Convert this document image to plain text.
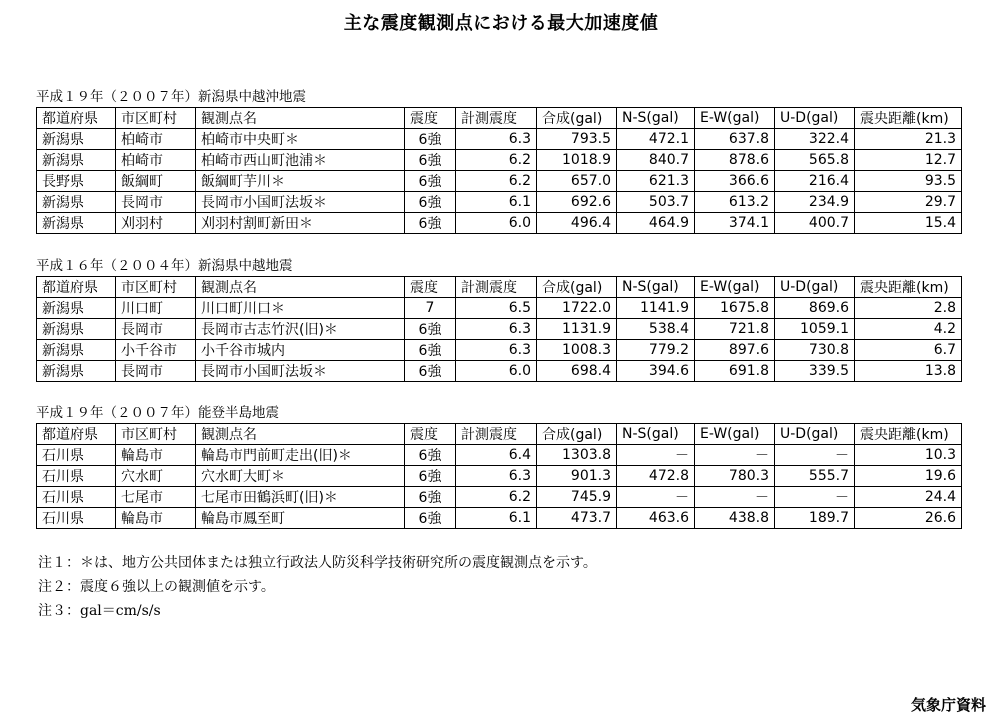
主な震度観測点における最大加速度値
平成１９年（２００７年）新潟県中越沖地震
都道府県	市区町村	観測点名	震度	計測震度	合成(gal)	N-S(gal)	E-W(gal)	U-D(gal)	震央距離(km)
新潟県	柏崎市	柏崎市中央町＊	6強	6.3	793.5	472.1	637.8	322.4	21.3
新潟県	柏崎市	柏崎市西山町池浦＊	6強	6.2	1018.9	840.7	878.6	565.8	12.7
長野県	飯綱町	飯綱町芋川＊	6強	6.2	657.0	621.3	366.6	216.4	93.5
新潟県	長岡市	長岡市小国町法坂＊	6強	6.1	692.6	503.7	613.2	234.9	29.7
新潟県	刈羽村	刈羽村割町新田＊	6強	6.0	496.4	464.9	374.1	400.7	15.4
平成１６年（２００４年）新潟県中越地震
都道府県	市区町村	観測点名	震度	計測震度	合成(gal)	N-S(gal)	E-W(gal)	U-D(gal)	震央距離(km)
新潟県	川口町	川口町川口＊	7	6.5	1722.0	1141.9	1675.8	869.6	2.8
新潟県	長岡市	長岡市古志竹沢(旧)＊	6強	6.3	1131.9	538.4	721.8	1059.1	4.2
新潟県	小千谷市	小千谷市城内	6強	6.3	1008.3	779.2	897.6	730.8	6.7
新潟県	長岡市	長岡市小国町法坂＊	6強	6.0	698.4	394.6	691.8	339.5	13.8
平成１９年（２００７年）能登半島地震
都道府県	市区町村	観測点名	震度	計測震度	合成(gal)	N-S(gal)	E-W(gal)	U-D(gal)	震央距離(km)
石川県	輪島市	輪島市門前町走出(旧)＊	6強	6.4	1303.8	－	－	－	10.3
石川県	穴水町	穴水町大町＊	6強	6.3	901.3	472.8	780.3	555.7	19.6
石川県	七尾市	七尾市田鶴浜町(旧)＊	6強	6.2	745.9	－	－	－	24.4
石川県	輪島市	輪島市鳳至町	6強	6.1	473.7	463.6	438.8	189.7	26.6
注１：＊は、地方公共団体または独立行政法人防災科学技術研究所の震度観測点を示す。
注２：震度６強以上の観測値を示す。
注３：gal＝cm/s/s
気象庁資料
